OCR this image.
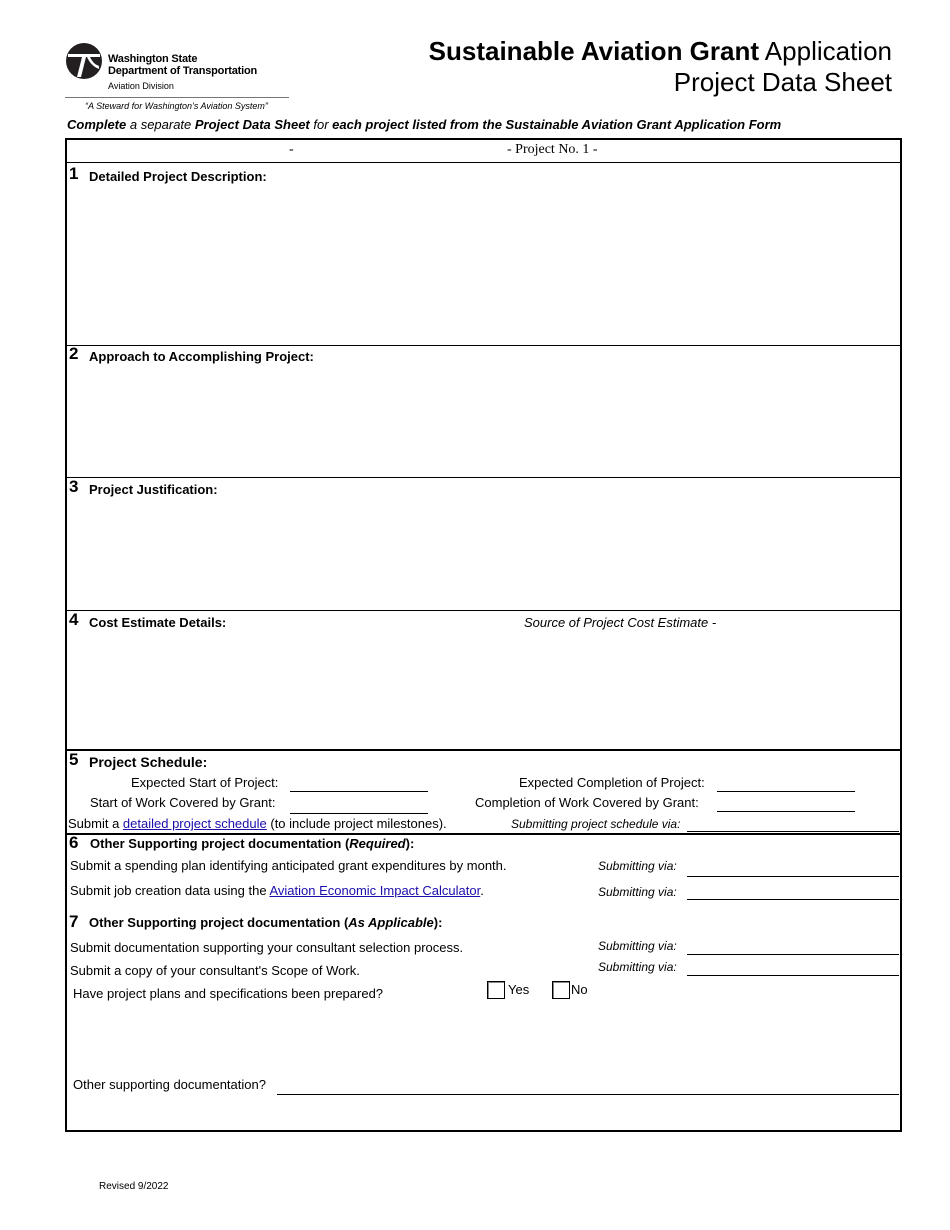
Washington State
Department of Transportation
Aviation Division
“A Steward for Washington’s Aviation System”
Sustainable Aviation Grant Application
Project Data Sheet
Complete a separate Project Data Sheet for each project listed from the Sustainable Aviation Grant Application Form
-	- Project No. 1 -
1 Detailed Project Description:
2 Approach to Accomplishing Project:
3 Project Justification:
4 Cost Estimate Details:	Source of Project Cost Estimate -
5 Project Schedule:
Expected Start of Project:	Expected Completion of Project:
Start of Work Covered by Grant:	Completion of Work Covered by Grant:
Submit a detailed project schedule (to include project milestones).	Submitting project schedule via:
6 Other Supporting project documentation (Required):
Submit a spending plan identifying anticipated grant expenditures by month.	Submitting via:
Submit job creation data using the Aviation Economic Impact Calculator.	Submitting via:
7 Other Supporting project documentation (As Applicable):
Submit documentation supporting your consultant selection process.	Submitting via:
Submit a copy of your consultant's Scope of Work.	Submitting via:
Have project plans and specifications been prepared?	Yes	No
Other supporting documentation?
Revised 9/2022
